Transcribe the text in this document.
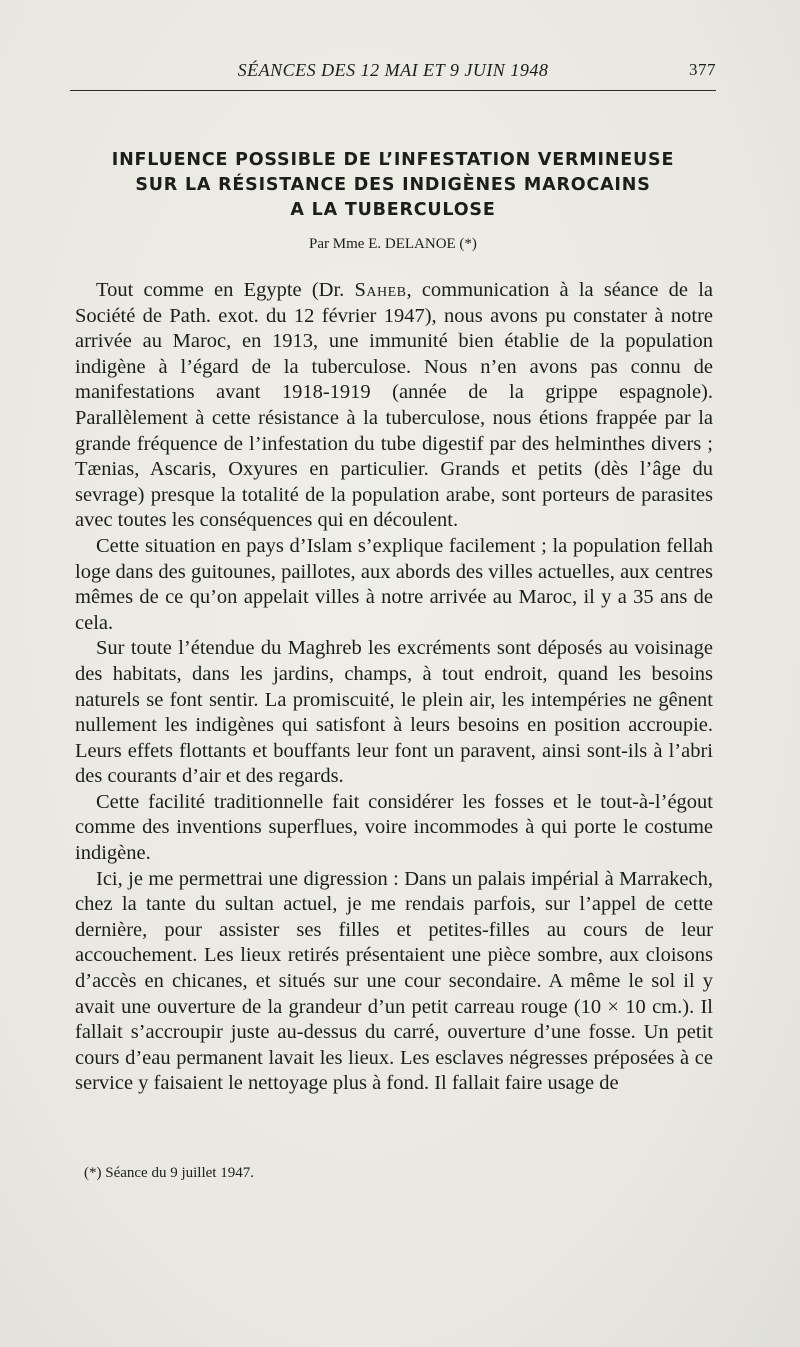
SÉANCES DES 12 MAI ET 9 JUIN 1948	377
INFLUENCE POSSIBLE DE L’INFESTATION VERMINEUSE
SUR LA RÉSISTANCE DES INDIGÈNES MAROCAINS
A LA TUBERCULOSE
Par Mme E. DELANOE (*)

Tout comme en Egypte (Dr. Saheb, communication à la séance de la Société de Path. exot. du 12 février 1947), nous avons pu constater à notre arrivée au Maroc, en 1913, une immunité bien établie de la population indigène à l’égard de la tuberculose. Nous n’en avons pas connu de manifestations avant 1918-1919 (année de la grippe espagnole). Parallèlement à cette résistance à la tuberculose, nous étions frappée par la grande fréquence de l’infestation du tube digestif par des helminthes divers ; Tænias, Ascaris, Oxyures en particulier. Grands et petits (dès l’âge du sevrage) presque la totalité de la population arabe, sont porteurs de parasites avec toutes les conséquences qui en découlent.

Cette situation en pays d’Islam s’explique facilement ; la population fellah loge dans des guitounes, paillotes, aux abords des villes actuelles, aux centres mêmes de ce qu’on appelait villes à notre arrivée au Maroc, il y a 35 ans de cela.

Sur toute l’étendue du Maghreb les excréments sont déposés au voisinage des habitats, dans les jardins, champs, à tout endroit, quand les besoins naturels se font sentir. La promiscuité, le plein air, les intempéries ne gênent nullement les indigènes qui satisfont à leurs besoins en position accroupie. Leurs effets flottants et bouffants leur font un paravent, ainsi sont-ils à l’abri des courants d’air et des regards.

Cette facilité traditionnelle fait considérer les fosses et le tout-à-l’égout comme des inventions superflues, voire incommodes à qui porte le costume indigène.

Ici, je me permettrai une digression : Dans un palais impérial à Marrakech, chez la tante du sultan actuel, je me rendais parfois, sur l’appel de cette dernière, pour assister ses filles et petites-filles au cours de leur accouchement. Les lieux retirés présentaient une pièce sombre, aux cloisons d’accès en chicanes, et situés sur une cour secondaire. A même le sol il y avait une ouverture de la grandeur d’un petit carreau rouge (10 × 10 cm.). Il fallait s’accroupir juste au-dessus du carré, ouverture d’une fosse. Un petit cours d’eau permanent lavait les lieux. Les esclaves négresses préposées à ce service y faisaient le nettoyage plus à fond. Il fallait faire usage de

(*) Séance du 9 juillet 1947.
